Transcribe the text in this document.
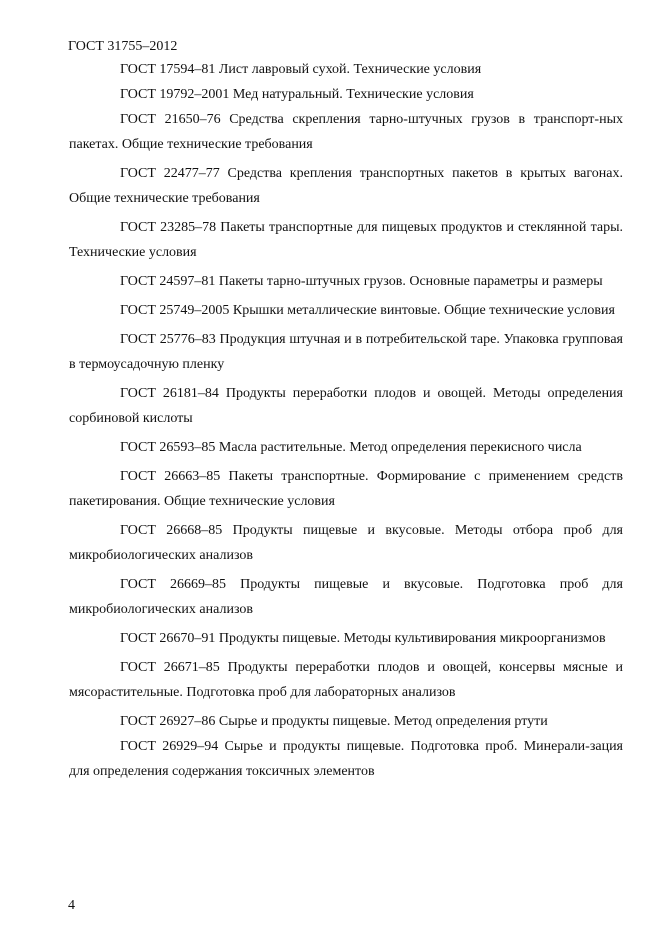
ГОСТ 31755–2012

ГОСТ 17594–81 Лист лавровый сухой. Технические условия

ГОСТ 19792–2001 Мед натуральный. Технические условия

ГОСТ 21650–76 Средства скрепления тарно-штучных грузов в транспорт-ных пакетах. Общие технические требования

ГОСТ 22477–77 Средства крепления транспортных пакетов в крытых вагонах. Общие технические требования

ГОСТ 23285–78 Пакеты транспортные для пищевых продуктов и стеклянной тары. Технические условия

ГОСТ 24597–81 Пакеты тарно-штучных грузов. Основные параметры и размеры

ГОСТ 25749–2005 Крышки металлические винтовые. Общие технические условия

ГОСТ 25776–83 Продукция штучная и в потребительской таре. Упаковка групповая в термоусадочную пленку

ГОСТ 26181–84 Продукты переработки плодов и овощей. Методы определения сорбиновой кислоты

ГОСТ 26593–85 Масла растительные. Метод определения перекисного числа

ГОСТ 26663–85 Пакеты транспортные. Формирование с применением средств пакетирования. Общие технические условия

ГОСТ 26668–85 Продукты пищевые и вкусовые. Методы отбора проб для микробиологических анализов

ГОСТ 26669–85 Продукты пищевые и вкусовые. Подготовка проб для микробиологических анализов

ГОСТ 26670–91 Продукты пищевые. Методы культивирования микроорганизмов

ГОСТ 26671–85 Продукты переработки плодов и овощей, консервы мясные и мясорастительные. Подготовка проб для лабораторных анализов

ГОСТ 26927–86 Сырье и продукты пищевые. Метод определения ртути

ГОСТ 26929–94 Сырье и продукты пищевые. Подготовка проб. Минерали-зация для определения содержания токсичных элементов

4
